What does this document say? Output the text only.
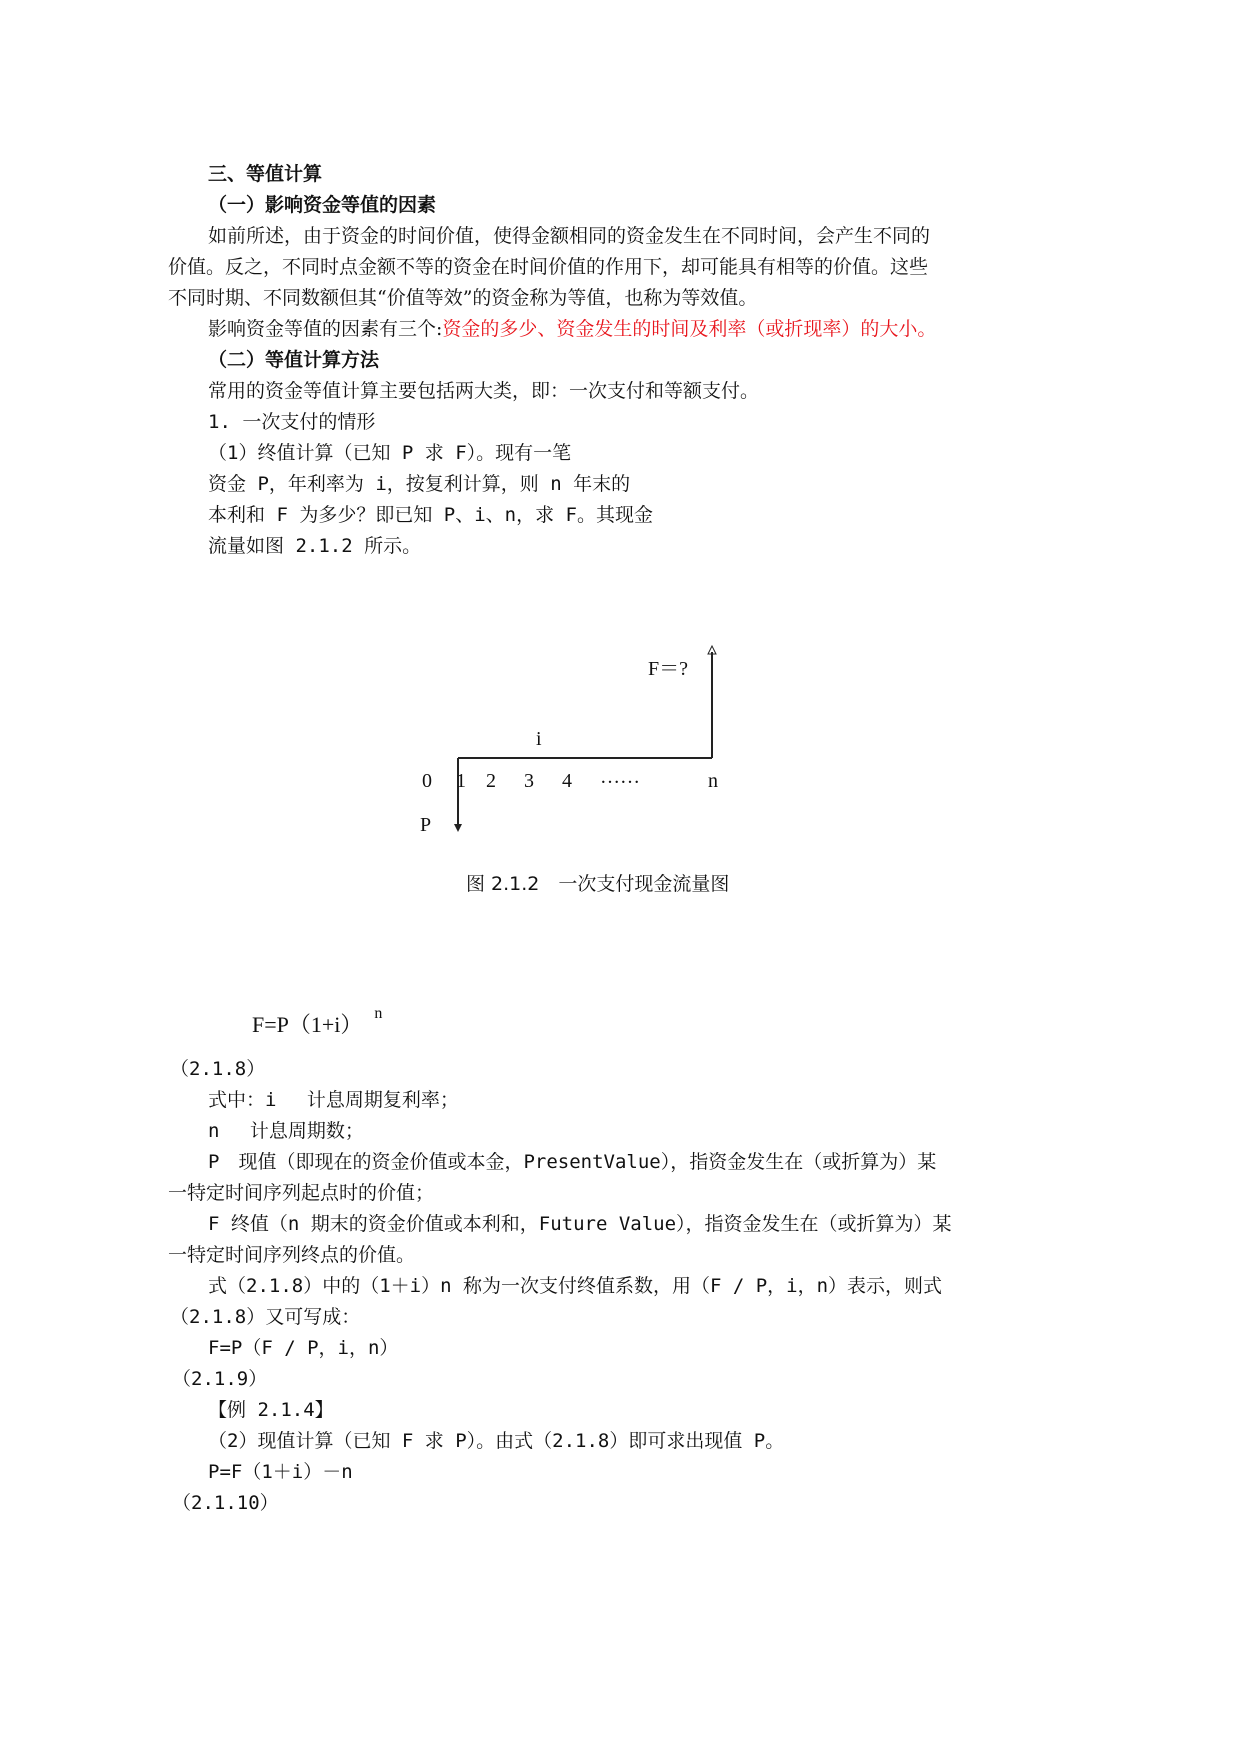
三、等值计算
（一）影响资金等值的因素
如前所述，由于资金的时间价值，使得金额相同的资金发生在不同时间，会产生不同的
价值。反之，不同时点金额不等的资金在时间价值的作用下，却可能具有相等的价值。这些
不同时期、不同数额但其“价值等效”的资金称为等值，也称为等效值。
影响资金等值的因素有三个:资金的多少、资金发生的时间及利率（或折现率）的大小。
（二）等值计算方法
常用的资金等值计算主要包括两大类，即：一次支付和等额支付。
1. 一次支付的情形
（1）终值计算（已知 P 求 F）。现有一笔
资金 P，年利率为 i，按复利计算，则 n 年末的
本利和 F 为多少？即已知 P、i、n，求 F。其现金
流量如图 2.1.2 所示。
F＝?
i
0 1 2 3 4 ……	n
P
图 2.1.2　一次支付现金流量图
F=P（1+i） $^n$
（2.1.8）
式中：i　 计息周期复利率；
n　 计息周期数；
P　现值（即现在的资金价值或本金，PresentValue），指资金发生在（或折算为）某
一特定时间序列起点时的价值；
F 终值（n 期末的资金价值或本利和，Future Value），指资金发生在（或折算为）某
一特定时间序列终点的价值。
式（2.1.8）中的（1＋i）n 称为一次支付终值系数，用（F / P，i，n）表示，则式
（2.1.8）又可写成：
F=P（F / P，i，n）
（2.1.9）
【例 2.1.4】
（2）现值计算（已知 F 求 P）。由式（2.1.8）即可求出现值 P。
P=F（1＋i）－n
（2.1.10）
